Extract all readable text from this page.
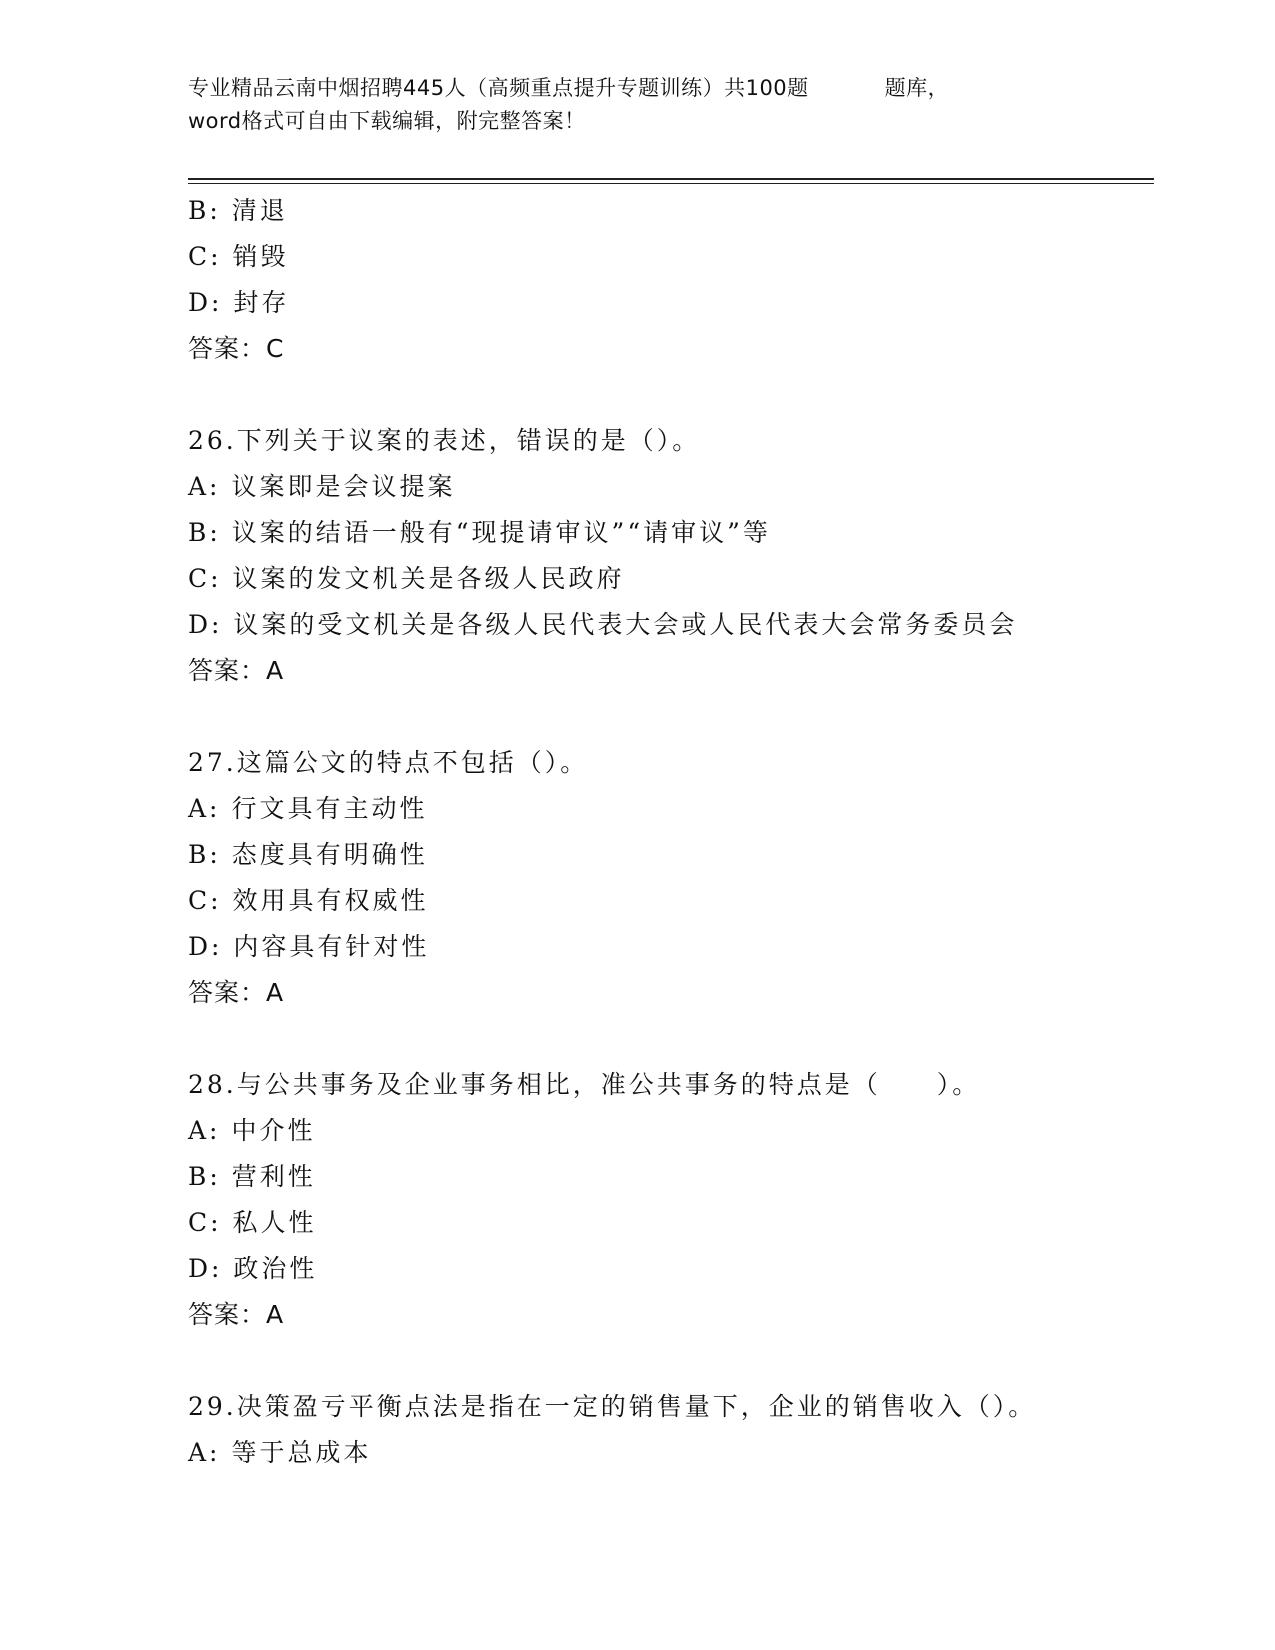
专业精品云南中烟招聘445人（高频重点提升专题训练）共100题	题库，
word格式可自由下载编辑，附完整答案！
B: 清退
C: 销毁
D: 封存
答案：C
26.下列关于议案的表述，错误的是（）。
A: 议案即是会议提案
B: 议案的结语一般有“现提请审议”“请审议”等
C: 议案的发文机关是各级人民政府
D: 议案的受文机关是各级人民代表大会或人民代表大会常务委员会
答案：A
27.这篇公文的特点不包括（）。
A: 行文具有主动性
B: 态度具有明确性
C: 效用具有权威性
D: 内容具有针对性
答案：A
28.与公共事务及企业事务相比，准公共事务的特点是（　　）。
A: 中介性
B: 营利性
C: 私人性
D: 政治性
答案：A
29.决策盈亏平衡点法是指在一定的销售量下，企业的销售收入（）。
A: 等于总成本
